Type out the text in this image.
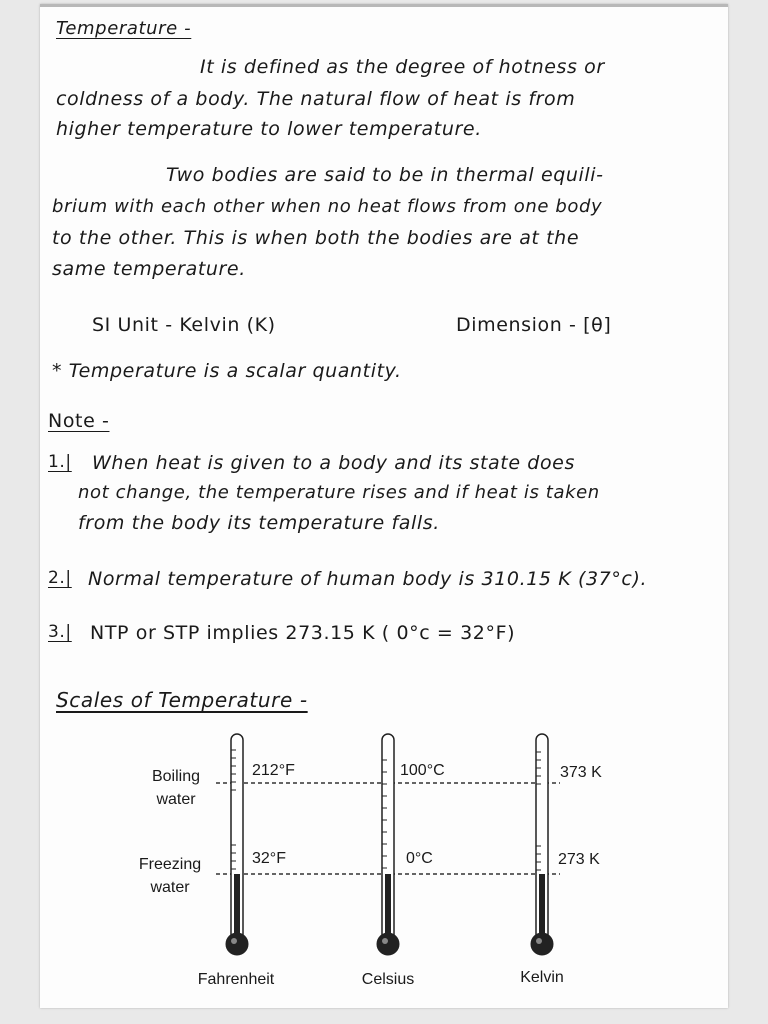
Temperature -
It is defined as the degree of hotness or
coldness of a body. The natural flow of heat is from
higher temperature to lower temperature.
Two bodies are said to be in thermal equili-
brium with each other when no heat flows from one body
to the other. This is when both the bodies are at the
same temperature.
SI Unit - Kelvin (K)	Dimension - [θ]
* Temperature is a scalar quantity.
Note -
1.| When heat is given to a body and its state does
not change, the temperature rises and if heat is taken
from the body its temperature falls.
2.| Normal temperature of human body is 310.15 K (37°c).
3.| NTP or STP implies 273.15 K ( 0°c = 32°F)
Scales of Temperature -
Boiling
water
Freezing
water
212°F
32°F
100°C
0°C
373 K
273 K
Fahrenheit	Celsius	Kelvin
